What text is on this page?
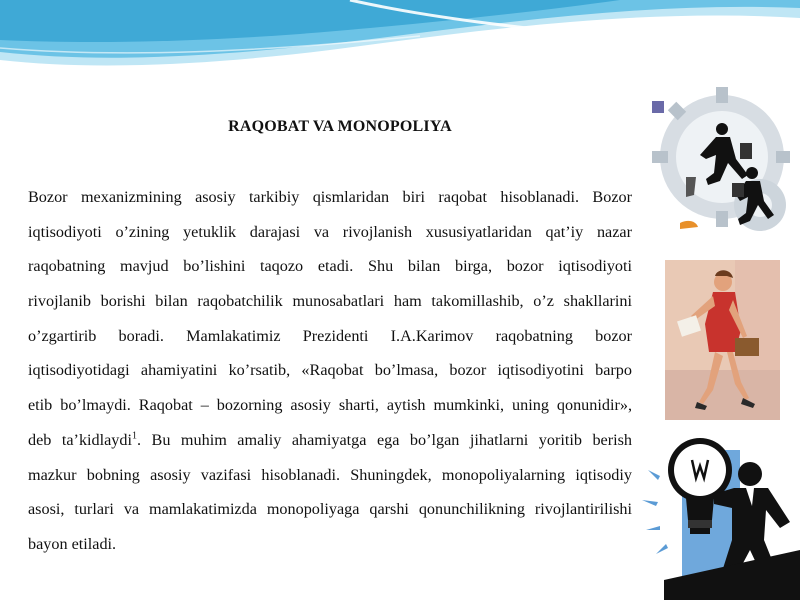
RAQOBAT VA MONOPOLIYA
Bozor mexanizmining asosiy tarkibiy qismlaridan biri raqobat hisoblanadi. Bozor
iqtisodiyoti o’zining yetuklik darajasi va rivojlanish xususiyatlaridan qat’iy nazar
raqobatning mavjud bo’lishini taqozo etadi. Shu bilan birga, bozor iqtisodiyoti
rivojlanib borishi bilan raqobatchilik munosabatlari ham takomillashib, o’z shakllarini
o’zgartirib boradi. Mamlakatimiz Prezidenti I.A.Karimov raqobatning bozor
iqtisodiyotidagi ahamiyatini ko’rsatib, «Raqobat bo’lmasa, bozor iqtisodiyotini barpo
etib bo’lmaydi. Raqobat – bozorning asosiy sharti, aytish mumkinki, uning qonunidir»,
deb ta’kidlaydi$^1$. Bu muhim amaliy ahamiyatga ega bo’lgan jihatlarni yoritib berish
mazkur bobning asosiy vazifasi hisoblanadi. Shuningdek, monopoliyalarning iqtisodiy
asosi, turlari va mamlakatimizda monopoliyaga qarshi qonunchilikning rivojlantirilishi
bayon etiladi.
